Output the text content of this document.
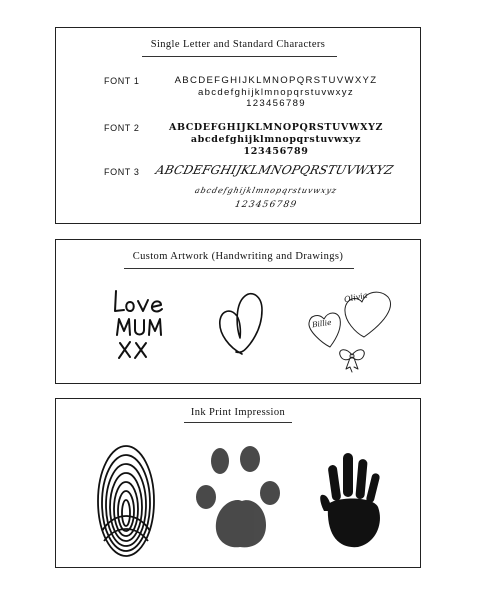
Single Letter and Standard Characters
FONT 1	ABCDEFGHIJKLMNOPQRSTUVWXYZ
abcdefghijklmnopqrstuvwxyz
123456789
FONT 2	ABCDEFGHIJKLMNOPQRSTUVWXYZ
abcdefghijklmnopqrstuvwxyz
123456789
FONT 3 ABCDEFGHIJKLMNOPQRSTUVWXYZ
abcdefghijklmnopqrstuvwxyz
123456789
Custom Artwork (Handwriting and Drawings)
Olivia
Billie
Ink Print Impression
